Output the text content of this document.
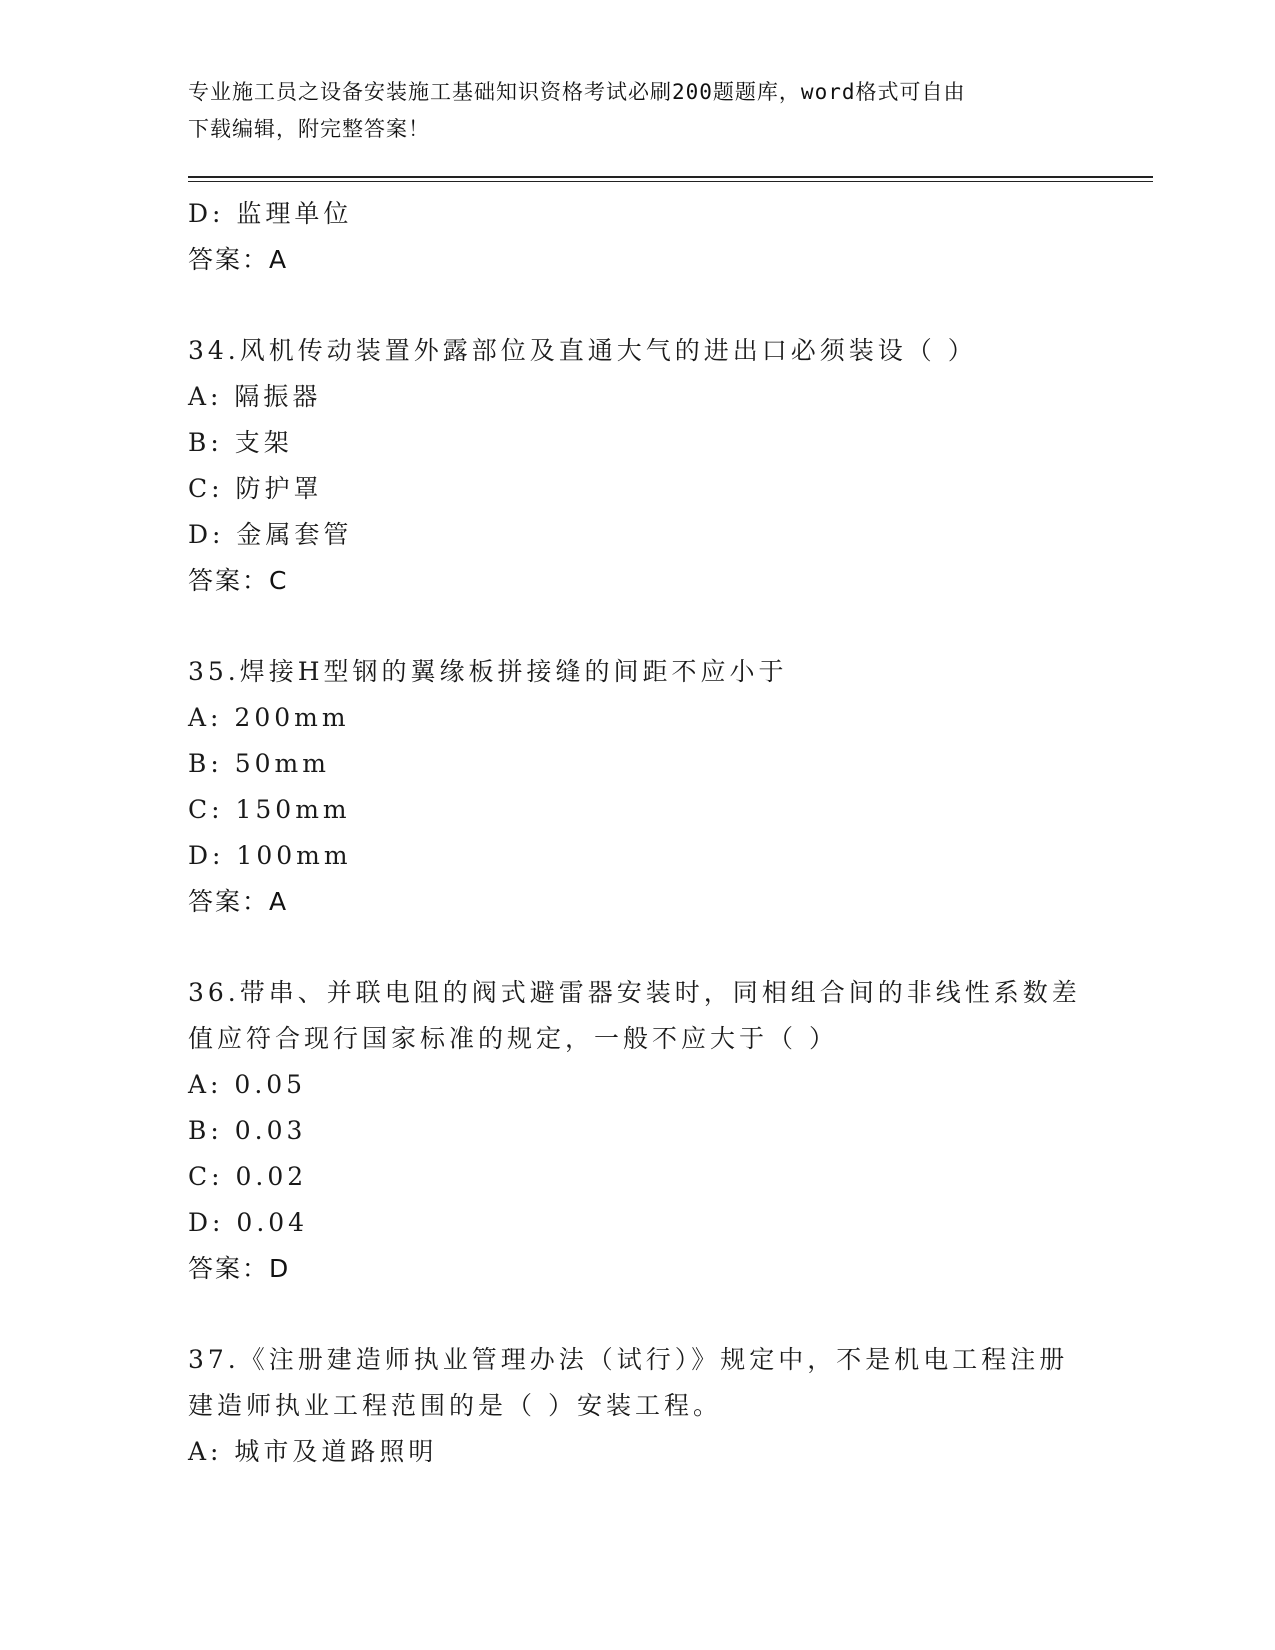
专业施工员之设备安装施工基础知识资格考试必刷200题题库，word格式可自由
下载编辑，附完整答案！
D: 监理单位
答案：A
34.风机传动装置外露部位及直通大气的进出口必须装设（ ）
A: 隔振器
B: 支架
C: 防护罩
D: 金属套管
答案：C
35.焊接H型钢的翼缘板拼接缝的间距不应小于
A: 200mm
B: 50mm
C: 150mm
D: 100mm
答案：A
36.带串、并联电阻的阀式避雷器安装时，同相组合间的非线性系数差
值应符合现行国家标准的规定，一般不应大于（ ）
A: 0.05
B: 0.03
C: 0.02
D: 0.04
答案：D
37.《注册建造师执业管理办法（试行）》规定中，不是机电工程注册
建造师执业工程范围的是（ ）安装工程。
A: 城市及道路照明
